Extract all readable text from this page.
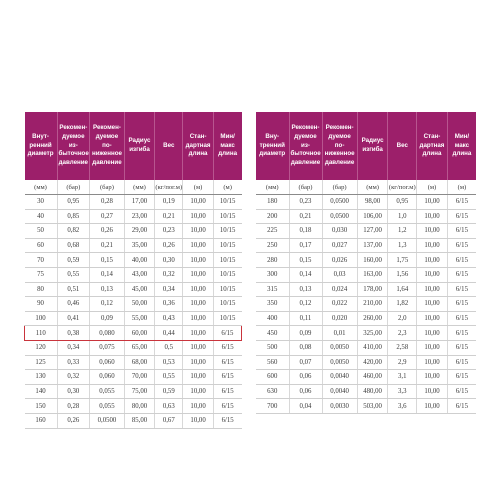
Внут-
ренний
диаметр	Рекомен-
дуемое из-
быточное
давление	Рекомен-
дуемое по-
ниженное
давление	Радиус
изгиба	Вес	Стан-
дартная
длина	Мин/
макс
длина
(мм)	(бар)	(бар)	(мм)	(кг/пог.м)	(м)	(м)
30	0,95	0,28	17,00	0,19	10,00	10/15
40	0,85	0,27	23,00	0,21	10,00	10/15
50	0,82	0,26	29,00	0,23	10,00	10/15
60	0,68	0,21	35,00	0,26	10,00	10/15
70	0,59	0,15	40,00	0,30	10,00	10/15
75	0,55	0,14	43,00	0,32	10,00	10/15
80	0,51	0,13	45,00	0,34	10,00	10/15
90	0,46	0,12	50,00	0,36	10,00	10/15
100	0,41	0,09	55,00	0,43	10,00	10/15
110	0,38	0,080	60,00	0,44	10,00	6/15
120	0,34	0,075	65,00	0,5	10,00	6/15
125	0,33	0,060	68,00	0,53	10,00	6/15
130	0,32	0,060	70,00	0,55	10,00	6/15
140	0,30	0,055	75,00	0,59	10,00	6/15
150	0,28	0,055	80,00	0,63	10,00	6/15
160	0,26	0,0500	85,00	0,67	10,00	6/15
Вну-
тренний
диаметр	Рекомен-
дуемое из-
быточное
давление	Рекомен-
дуемое по-
ниженное
давление	Радиус
изгиба	Вес	Стан-
дартная
длина	Мин/
макс
длина
(мм)	(бар)	(бар)	(мм)	(кг/пог.м)	(м)	(м)
180	0,23	0,0500	98,00	0,95	10,00	6/15
200	0,21	0,0500	106,00	1,0	10,00	6/15
225	0,18	0,030	127,00	1,2	10,00	6/15
250	0,17	0,027	137,00	1,3	10,00	6/15
280	0,15	0,026	160,00	1,75	10,00	6/15
300	0,14	0,03	163,00	1,56	10,00	6/15
315	0,13	0,024	178,00	1,64	10,00	6/15
350	0,12	0,022	210,00	1,82	10,00	6/15
400	0,11	0,020	260,00	2,0	10,00	6/15
450	0,09	0,01	325,00	2,3	10,00	6/15
500	0,08	0,0050	410,00	2,58	10,00	6/15
560	0,07	0,0050	420,00	2,9	10,00	6/15
600	0,06	0,0040	460,00	3,1	10,00	6/15
630	0,06	0,0040	480,00	3,3	10,00	6/15
700	0,04	0,0030	503,00	3,6	10,00	6/15
